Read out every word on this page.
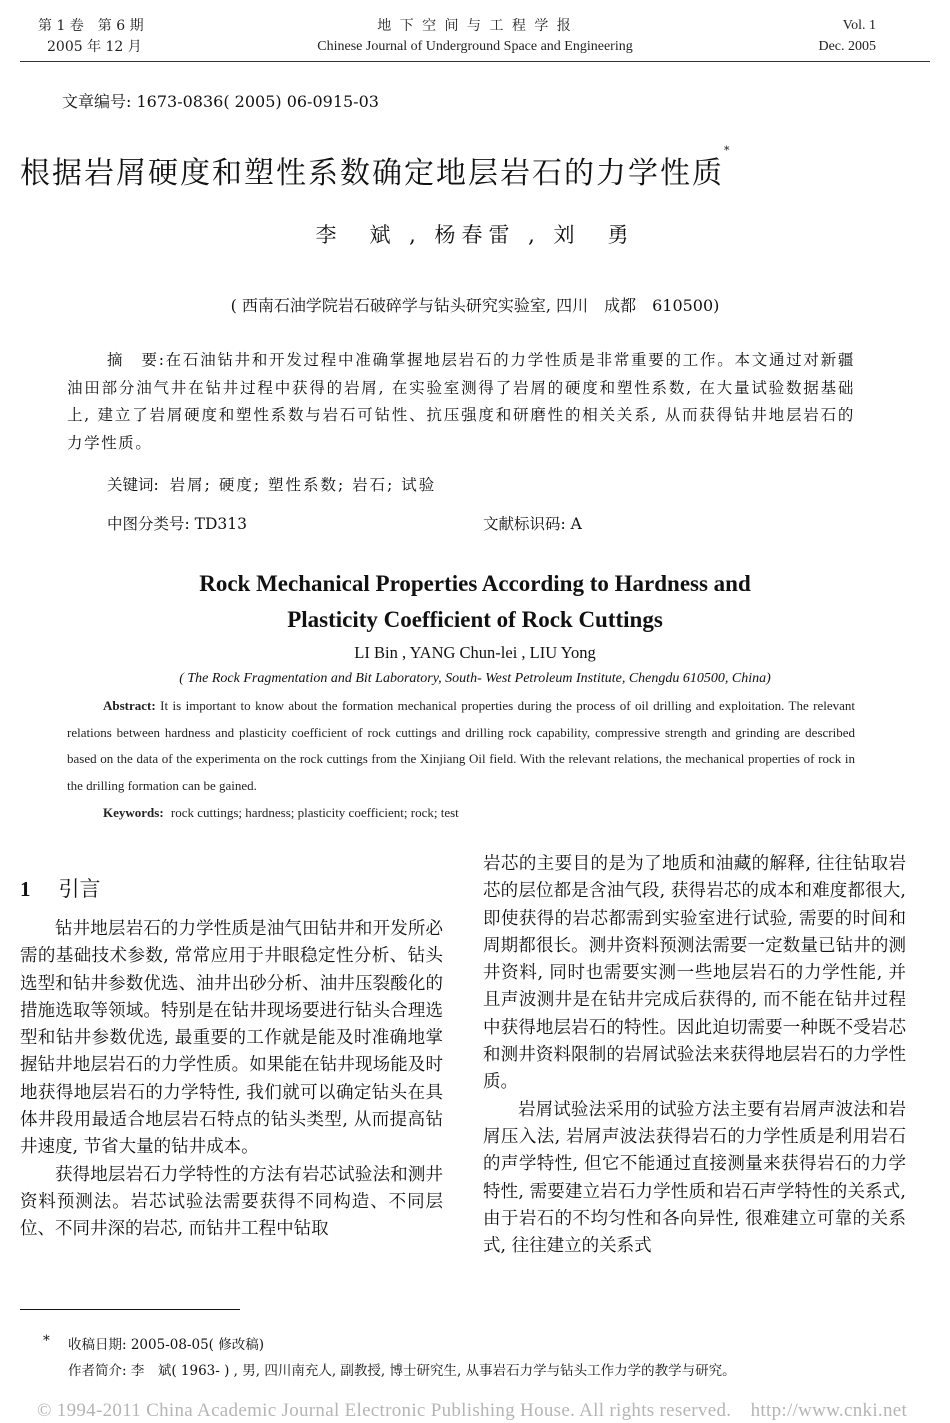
第 1 卷　第 6 期
2005 年 12 月
地 下 空 间 与 工 程 学 报
Chinese Journal of Underground Space and Engineering
Vol. 1
Dec. 2005
文章编号: 1673-0836( 2005) 06-0915-03
根据岩屑硬度和塑性系数确定地层岩石的力学性质*
李　斌 , 杨春雷 , 刘　勇
( 西南石油学院岩石破碎学与钻头研究实验室, 四川　成都　610500)
摘　要:在石油钻井和开发过程中准确掌握地层岩石的力学性质是非常重要的工作。本文通过对新疆油田部分油气井在钻井过程中获得的岩屑, 在实验室测得了岩屑的硬度和塑性系数, 在大量试验数据基础上, 建立了岩屑硬度和塑性系数与岩石可钻性、抗压强度和研磨性的相关关系, 从而获得钻井地层岩石的力学性质。
关键词: 岩屑; 硬度; 塑性系数; 岩石; 试验
中图分类号: TD313	文献标识码: A
Rock Mechanical Properties According to Hardness and
Plasticity Coefficient of Rock Cuttings
LI Bin , YANG Chun-lei , LIU Yong
( The Rock Fragmentation and Bit Laboratory, South- West Petroleum Institute, Chengdu 610500, China)
Abstract: It is important to know about the formation mechanical properties during the process of oil drilling and exploitation. The relevant relations between hardness and plasticity coefficient of rock cuttings and drilling rock capability, compressive strength and grinding are described based on the data of the experimenta on the rock cuttings from the Xinjiang Oil field. With the relevant relations, the mechanical properties of rock in the drilling formation can be gained.
Keywords: rock cuttings; hardness; plasticity coefficient; rock; test
1 引言

钻井地层岩石的力学性质是油气田钻井和开发所必需的基础技术参数, 常常应用于井眼稳定性分析、钻头选型和钻井参数优选、油井出砂分析、油井压裂酸化的措施选取等领域。特别是在钻井现场要进行钻头合理选型和钻井参数优选, 最重要的工作就是能及时准确地掌握钻井地层岩石的力学性质。如果能在钻井现场能及时地获得地层岩石的力学特性, 我们就可以确定钻头在具体井段用最适合地层岩石特点的钻头类型, 从而提高钻井速度, 节省大量的钻井成本。

获得地层岩石力学特性的方法有岩芯试验法和测井资料预测法。岩芯试验法需要获得不同构造、不同层位、不同井深的岩芯, 而钻井工程中钻取

岩芯的主要目的是为了地质和油藏的解释, 往往钻取岩芯的层位都是含油气段, 获得岩芯的成本和难度都很大, 即使获得的岩芯都需到实验室进行试验, 需要的时间和周期都很长。测井资料预测法需要一定数量已钻井的测井资料, 同时也需要实测一些地层岩石的力学性能, 并且声波测井是在钻井完成后获得的, 而不能在钻井过程中获得地层岩石的特性。因此迫切需要一种既不受岩芯和测井资料限制的岩屑试验法来获得地层岩石的力学性质。

岩屑试验法采用的试验方法主要有岩屑声波法和岩屑压入法, 岩屑声波法获得岩石的力学性质是利用岩石的声学特性, 但它不能通过直接测量来获得岩石的力学特性, 需要建立岩石力学性质和岩石声学特性的关系式, 由于岩石的不均匀性和各向异性, 很难建立可靠的关系式, 往往建立的关系式

* 收稿日期: 2005-08-05( 修改稿)
作者简介: 李　斌( 1963- ) , 男, 四川南充人, 副教授, 博士研究生, 从事岩石力学与钻头工作力学的教学与研究。
© 1994-2011 China Academic Journal Electronic Publishing House. All rights reserved.　http://www.cnki.net
